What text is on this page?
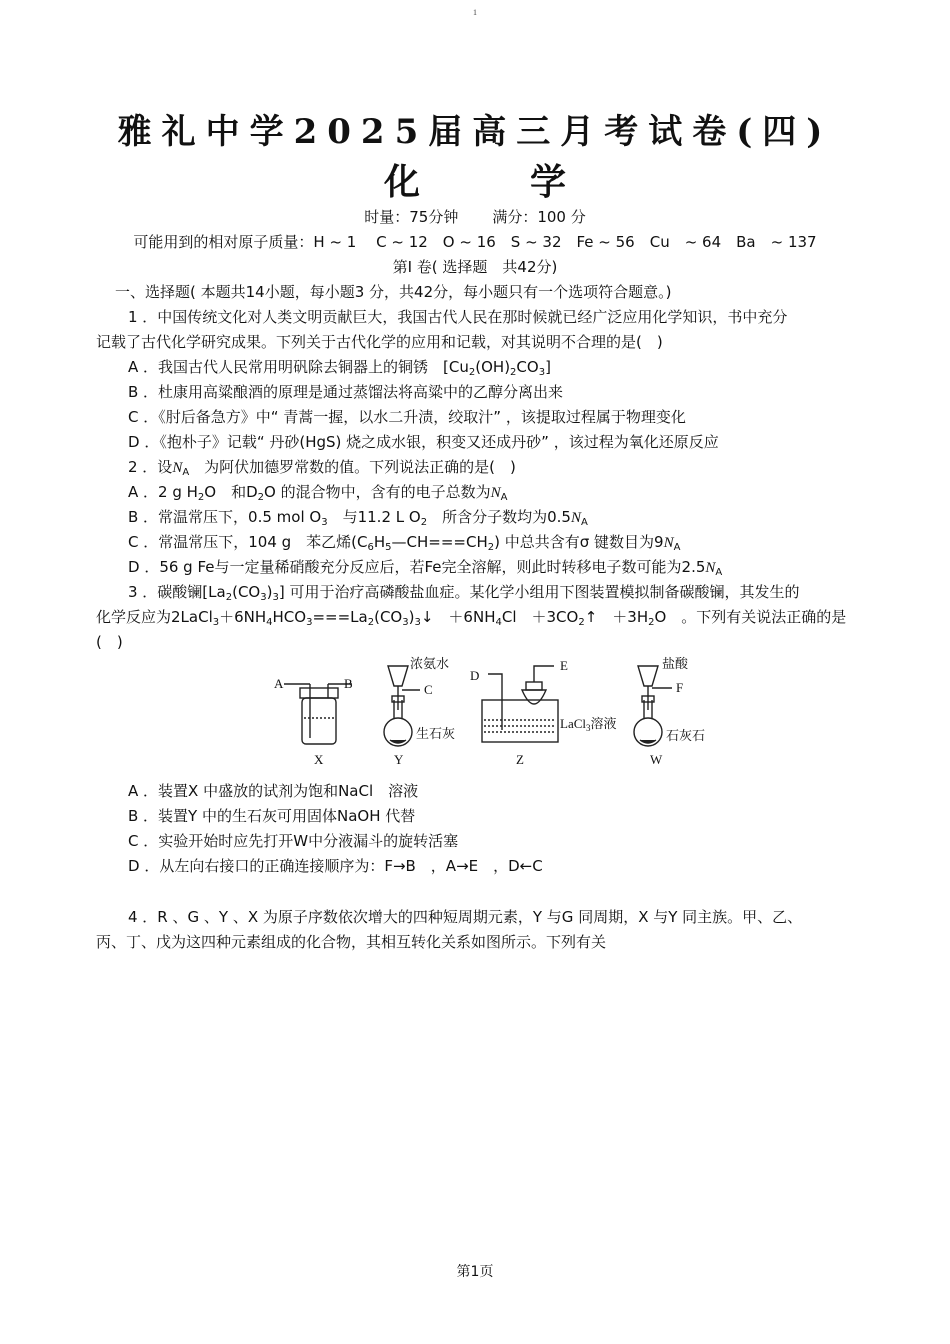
1
雅礼中学2025届高三月考试卷(四)
化	学
时量：75分钟 满分：100 分
可能用到的相对原子质量：H ~ 1　 C ~ 12　O ~ 16　S ~ 32　Fe ~ 56　Cu　~ 64　Ba　~ 137
第Ⅰ 卷( 选择题　共42分)
一、选择题( 本题共14小题，每小题3 分，共42分，每小题只有一个选项符合题意。)
1 ．中国传统文化对人类文明贡献巨大，我国古代人民在那时候就已经广泛应用化学知识，书中充分
记载了古代化学研究成果。下列关于古代化学的应用和记载，对其说明不合理的是(　)
A ．我国古代人民常用明矾除去铜器上的铜锈　$[Cu_2(OH)_2CO_3]$
B ．杜康用高粱酿酒的原理是通过蒸馏法将高粱中的乙醇分离出来
C ．《肘后备急方》中“ 青蒿一握，以水二升渍，绞取汁” ，该提取过程属于物理变化
D ．《抱朴子》记载“ 丹砂(HgS) 烧之成水银，积变又还成丹砂” ，该过程为氧化还原反应
2 ．设$N_A$　为阿伏加德罗常数的值。下列说法正确的是(　)
A ．2 g $H_2O$　和$D_2O$ 的混合物中，含有的电子总数为$N_A$
B ．常温常压下，0.5 mol $O_3$　与11.2 L $O_2$　所含分子数均为$0.5N_A$
C ．常温常压下，104 g　苯乙烯$(C_6H_5—CH===CH_2)$ 中总共含有σ 键数目为$9N_A$
D ．56 g Fe与一定量稀硝酸充分反应后，若Fe完全溶解，则此时转移电子数可能为$2.5N_A$
3 ．碳酸镧$[La_2(CO_3)_3]$ 可用于治疗高磷酸盐血症。某化学小组用下图装置模拟制备碳酸镧，其发生的
化学反应为$2LaCl_3+6NH_4HCO_3===La_2(CO_3)_3↓$　$+6NH_4Cl$　$+3CO_2↑$　$+3H_2O$　。下列有关说法正确的是
(　)
A	B	C
D
E
F
浓氨水
生石灰
LaCl$_3$溶液
盐酸
石灰石
X	Y	Z	W
A ．装置X 中盛放的试剂为饱和NaCl　溶液
B ．装置Y 中的生石灰可用固体NaOH 代替
C ．实验开始时应先打开W中分液漏斗的旋转活塞
D ．从左向右接口的正确连接顺序为：F→B　，A→E　，D←C
4 ．R 、G 、Y 、X 为原子序数依次增大的四种短周期元素，Y 与G 同周期，X 与Y 同主族。甲、乙、
丙、丁、戊为这四种元素组成的化合物，其相互转化关系如图所示。下列有关
第1页
